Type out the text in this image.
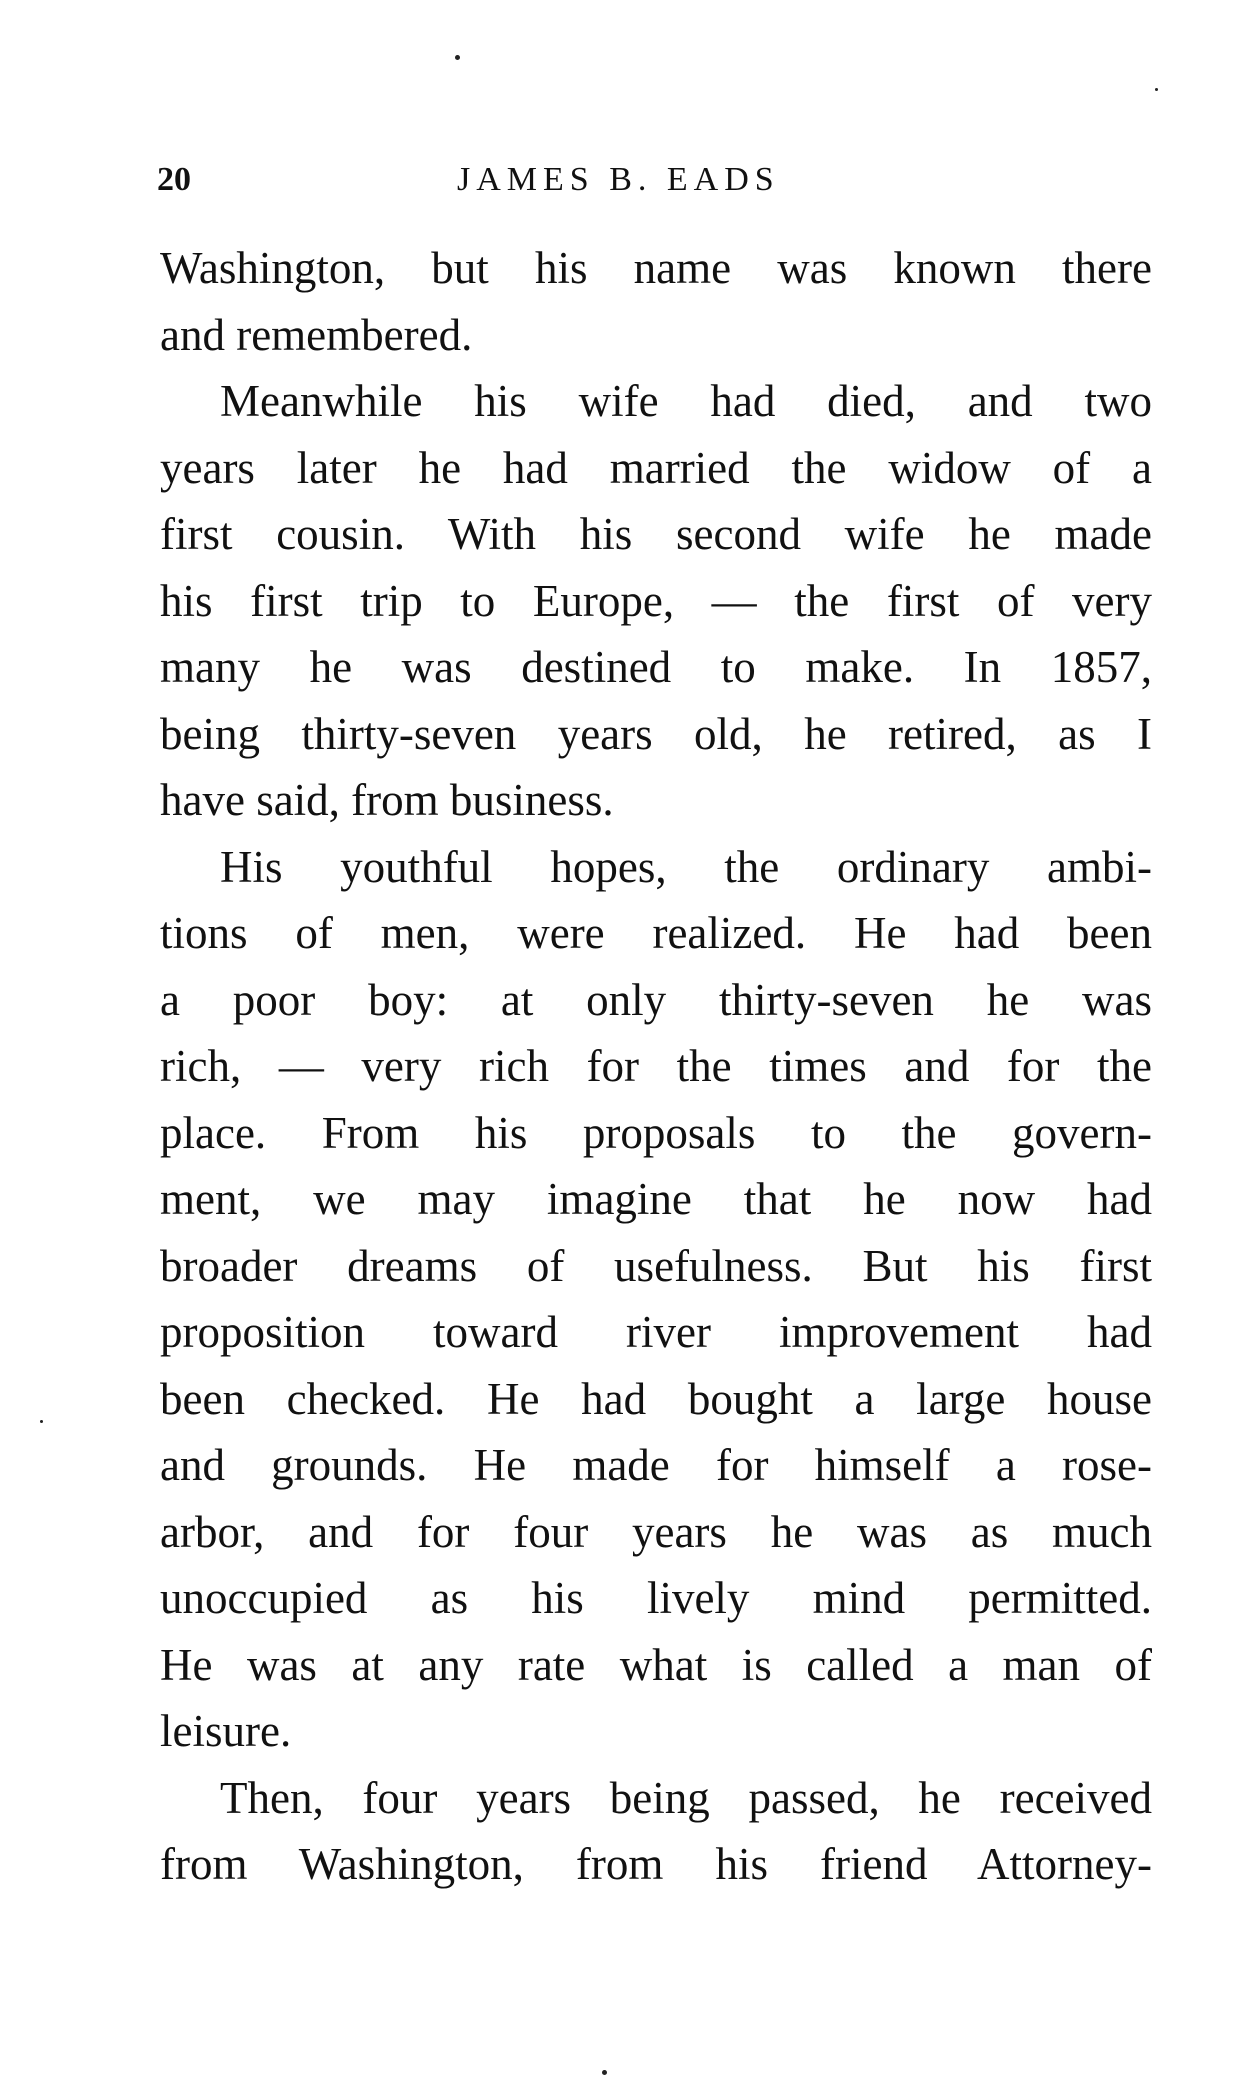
20	JAMES B. EADS
Washington, but his name was known there
and remembered.
Meanwhile his wife had died, and two
years later he had married the widow of a
first cousin. With his second wife he made
his first trip to Europe, — the first of very
many he was destined to make. In 1857,
being thirty-seven years old, he retired, as I
have said, from business.
His youthful hopes, the ordinary ambi-
tions of men, were realized. He had been
a poor boy: at only thirty-seven he was
rich, — very rich for the times and for the
place. From his proposals to the govern-
ment, we may imagine that he now had
broader dreams of usefulness. But his first
proposition toward river improvement had
been checked. He had bought a large house
and grounds. He made for himself a rose-
arbor, and for four years he was as much
unoccupied as his lively mind permitted.
He was at any rate what is called a man of
leisure.
Then, four years being passed, he received
from Washington, from his friend Attorney-
